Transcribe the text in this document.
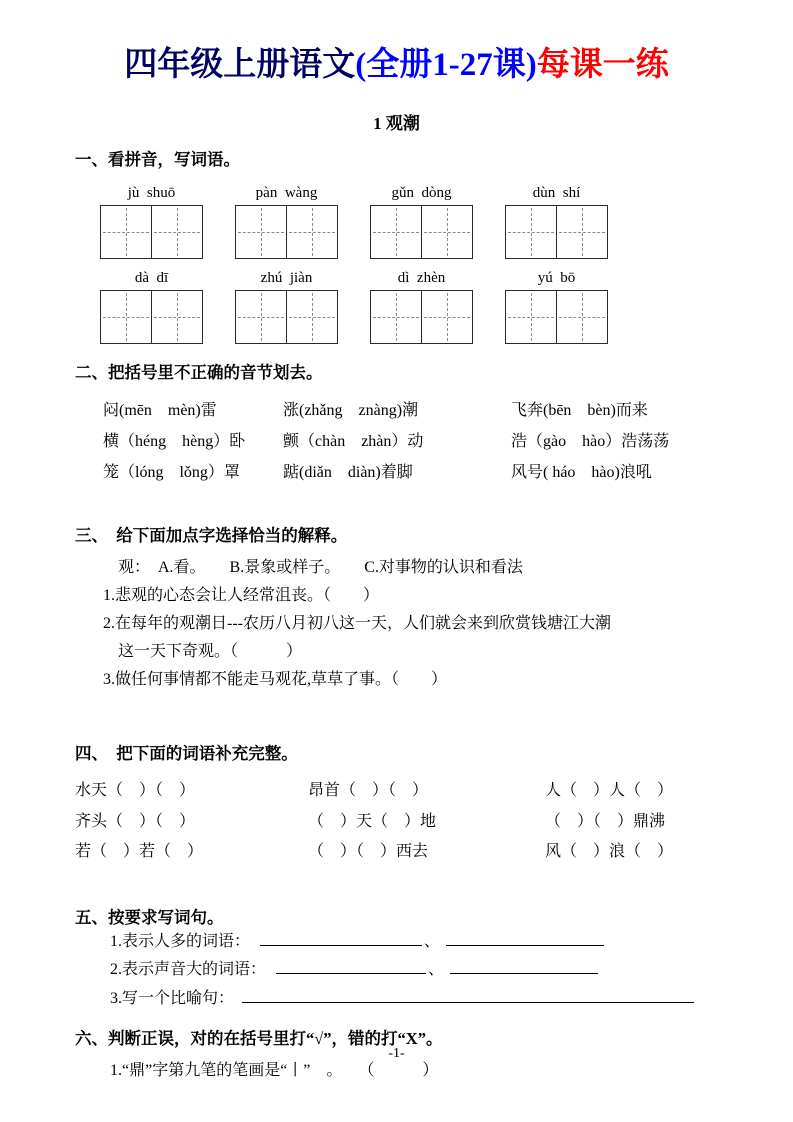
四年级上册语文(全册1-27课)每课一练
1 观潮
一、看拼音，写词语。
jù  shuō	pàn  wàng	gǔn  dòng	dùn  shí
dà  dī	zhú  jiàn	dì  zhèn	yú  bō
二、把括号里不正确的音节划去。
闷(mēn　mèn)雷	涨(zhǎng　znàng)潮	飞奔(bēn　bèn)而来
横（héng　hèng）卧	颤（chàn　zhàn）动	浩（gào　hào）浩荡荡
笼（lóng　lǒng）罩	踮(diǎn　diàn)着脚	风号( háo　hào)浪吼
三、　给下面加点字选择恰当的解释。
观：　A.看。　　B.景象或样子。　　C.对事物的认识和看法
1.悲观的心态会让人经常沮丧。（　　）
2.在每年的观潮日---农历八月初八这一天，人们就会来到欣赏钱塘江大潮
这一天下奇观。（　　　）
3.做任何事情都不能走马观花,草草了事。（　　）
四、　把下面的词语补充完整。
水天（　）（　）	昂首（　）（　）	人（　）人（　）
齐头（　）（　）	（　）天（　）地	（　）（　）鼎沸
若（　）若（　）	（　）（　）西去	风（　）浪（　）
五、按要求写词句。
1.表示人多的词语：	、
2.表示声音大的词语：	、
3.写一个比喻句：
六、判断正误，对的在括号里打“√”，错的打“X”。
1.“鼎”字第九笔的笔画是“丨”　。　　（　　　）
-1-
